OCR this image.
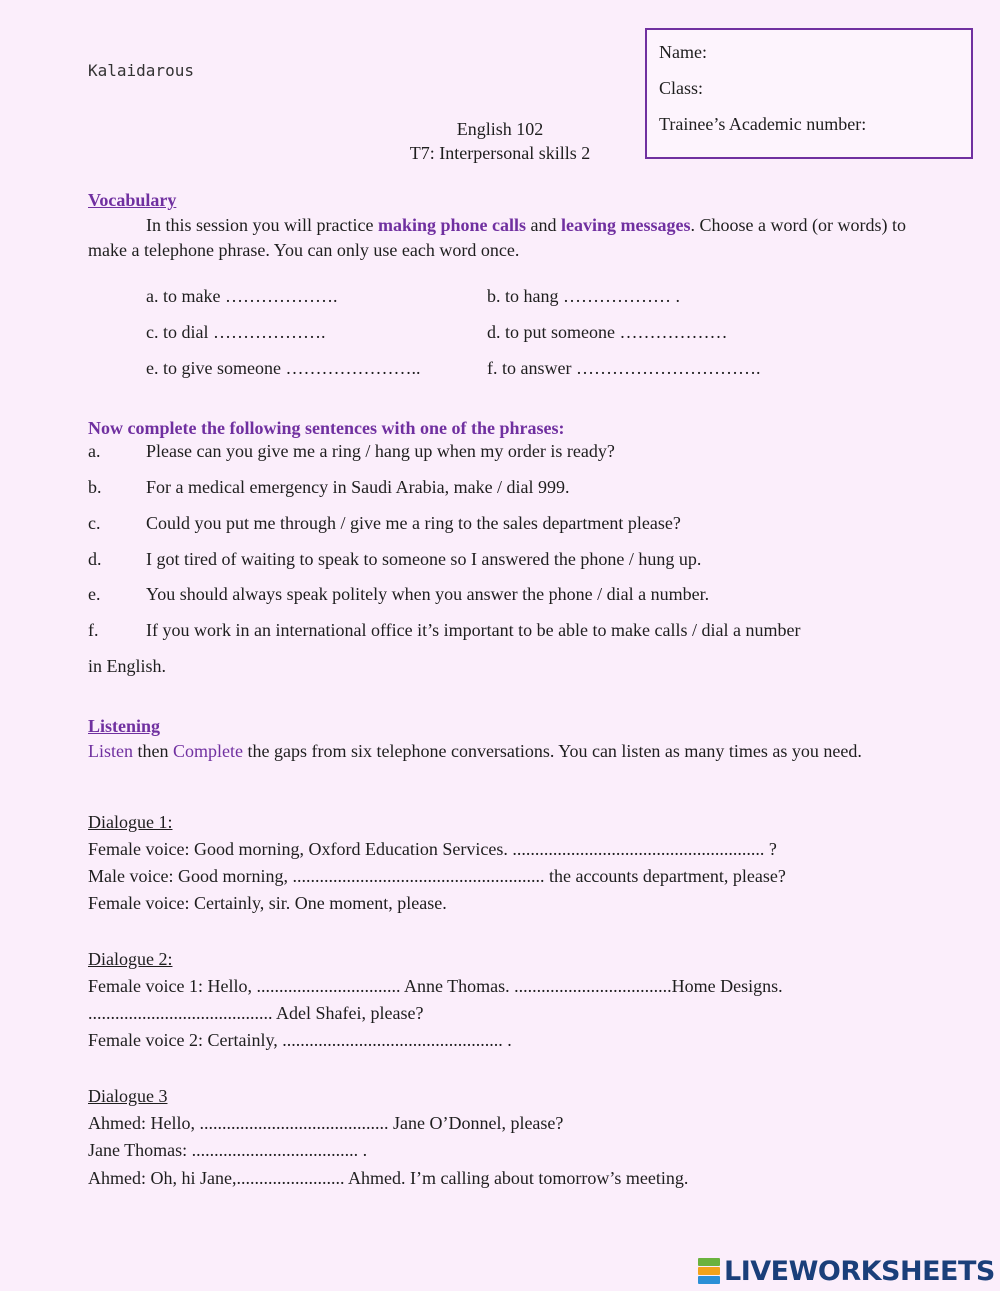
Kalaidarous
Name:
Class:
Trainee’s Academic number:
English 102
T7: Interpersonal skills 2
Vocabulary
In this session you will practice making phone calls and leaving messages. Choose a word (or words) to make a telephone phrase. You can only use each word once.
a. to make ……………….	b. to hang ……………… .
c. to dial ……………….	d. to put someone ………………
e. to give someone …………………..	f. to answer ………………………….
Now complete the following sentences with one of the phrases:
a.	Please can you give me a ring / hang up when my order is ready?
b. For a medical emergency in Saudi Arabia, make / dial 999.
c.	Could you put me through / give me a ring to the sales department please?
d. I got tired of waiting to speak to someone so I answered the phone / hung up.
e.	You should always speak politely when you answer the phone / dial a number.
f.	If you work in an international office it’s important to be able to make calls / dial a number
in English.
Listening
Listen then Complete the gaps from six telephone conversations. You can listen as many times as you need.
Dialogue 1:
Female voice: Good morning, Oxford Education Services. ........................................................ ?
Male voice: Good morning, ........................................................ the accounts department, please?
Female voice: Certainly, sir. One moment, please.
Dialogue 2:
Female voice 1: Hello, ................................ Anne Thomas. ...................................Home Designs.
......................................... Adel Shafei, please?
Female voice 2: Certainly, ................................................. .
Dialogue 3
Ahmed: Hello, .......................................... Jane O’Donnel, please?
Jane Thomas: ..................................... .
Ahmed: Oh, hi Jane,........................ Ahmed. I’m calling about tomorrow’s meeting.
LIVEWORKSHEETS
